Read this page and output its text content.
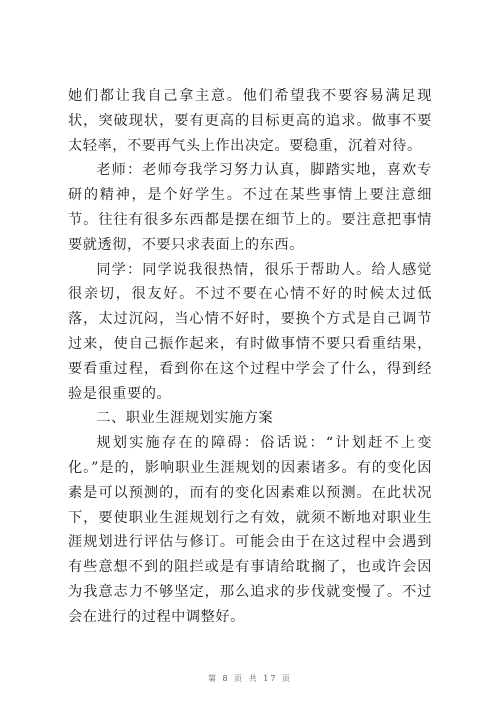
她们都让我自己拿主意。他们希望我不要容易满足现状，突破现状，要有更高的目标更高的追求。做事不要太轻率，不要再气头上作出决定。要稳重，沉着对待。

老师：老师夸我学习努力认真，脚踏实地，喜欢专研的精神，是个好学生。不过在某些事情上要注意细节。往往有很多东西都是摆在细节上的。要注意把事情要就透彻，不要只求表面上的东西。

同学：同学说我很热情，很乐于帮助人。给人感觉很亲切，很友好。不过不要在心情不好的时候太过低落，太过沉闷，当心情不好时，要换个方式是自己调节过来，使自己振作起来，有时做事情不要只看重结果，要看重过程，看到你在这个过程中学会了什么，得到经验是很重要的。

二、职业生涯规划实施方案

规划实施存在的障碍：俗话说：“计划赶不上变化。”是的，影响职业生涯规划的因素诸多。有的变化因素是可以预测的，而有的变化因素难以预测。在此状况下，要使职业生涯规划行之有效，就须不断地对职业生涯规划进行评估与修订。可能会由于在这过程中会遇到有些意想不到的阻拦或是有事请给耽搁了，也或许会因为我意志力不够坚定，那么追求的步伐就变慢了。不过会在进行的过程中调整好。

第 8 页 共 17 页
